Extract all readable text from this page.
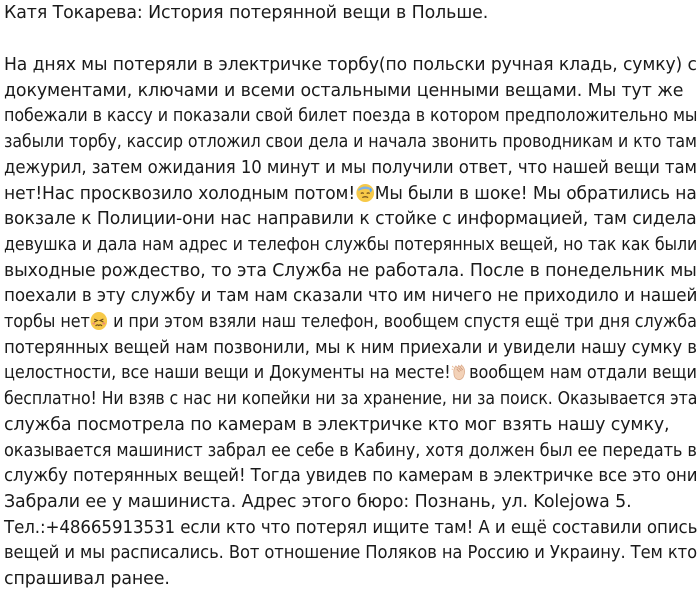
Катя Токарева: История потерянной вещи в Польше.
На днях мы потеряли в электричке торбу(по польски ручная кладь, сумку) с
документами, ключами и всеми остальными ценными вещами. Мы тут же
побежали в кассу и показали свой билет поезда в котором предположительно мы
забыли торбу, кассир отложил свои дела и начала звонить проводникам и кто там
дежурил, затем ожидания 10 минут и мы получили ответ, что нашей вещи там
нет!Нас просквозило холодным потом! Мы были в шоке! Мы обратились на
вокзале к Полиции-они нас направили к стойке с информацией, там сидела
девушка и дала нам адрес и телефон службы потерянных вещей, но так как были
выходные рождество, то эта Служба не работала. После в понедельник мы
поехали в эту службу и там нам сказали что им ничего не приходило и нашей
торбы нет
и при этом взяли наш телефон, вообщем спустя ещё три дня служба
потерянных вещей нам позвонили, мы к ним приехали и увидели нашу сумку в
целостности, все наши вещи и Документы на месте! вообщем нам отдали вещи
бесплатно! Ни взяв с нас ни копейки ни за хранение, ни за поиск. Оказывается эта
служба посмотрела по камерам в электричке кто мог взять нашу сумку,
оказывается машинист забрал ее себе в Кабину, хотя должен был ее передать в
службу потерянных вещей! Тогда увидев по камерам в электричке все это они
Забрали ее у машиниста. Адрес этого бюро: Познань, ул. Kolejowa 5.
Тел.:+48665913531 если кто что потерял ищите там! А и ещё составили опись
вещей и мы расписались. Вот отношение Поляков на Россию и Украину. Тем кто
спрашивал ранее.
